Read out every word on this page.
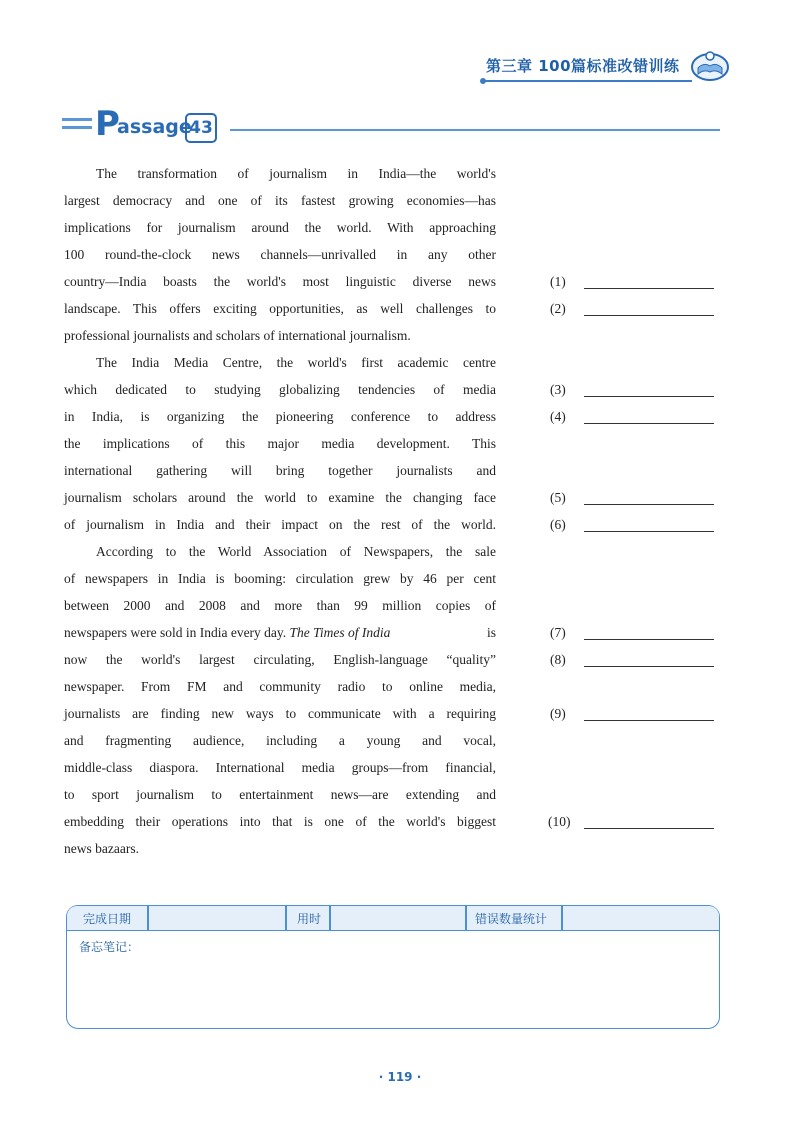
第三章 100篇标准改错训练
P
assage
43
The transformation of journalism in India—the world's
largest democracy and one of its fastest growing economies—has
implications for journalism around the world. With approaching
100 round-the-clock news channels—unrivalled in any other
country—India boasts the world's most linguistic diverse news
landscape. This offers exciting opportunities, as well challenges to
professional journalists and scholars of international journalism.
The India Media Centre, the world's first academic centre
which dedicated to studying globalizing tendencies of media
in India, is organizing the pioneering conference to address
the implications of this major media development. This
international gathering will bring together journalists and
journalism scholars around the world to examine the changing face
of journalism in India and their impact on the rest of the world.
According to the World Association of Newspapers, the sale
of newspapers in India is booming: circulation grew by 46 per cent
between 2000 and 2008 and more than 99 million copies of
newspapers were sold in India every day. The Times of India	is
now the world's largest circulating, English-language “quality”
newspaper. From FM and community radio to online media,
journalists are finding new ways to communicate with a requiring
and fragmenting audience, including a young and vocal,
middle-class diaspora. International media groups—from financial,
to sport journalism to entertainment news—are extending and
embedding their operations into that is one of the world's biggest
news bazaars.
(1)
(2)
(3)
(4)
(5)
(6)
(7)
(8)
(9)
(10)
完成日期	用时	错误数量统计
备忘笔记：
· 119 ·
